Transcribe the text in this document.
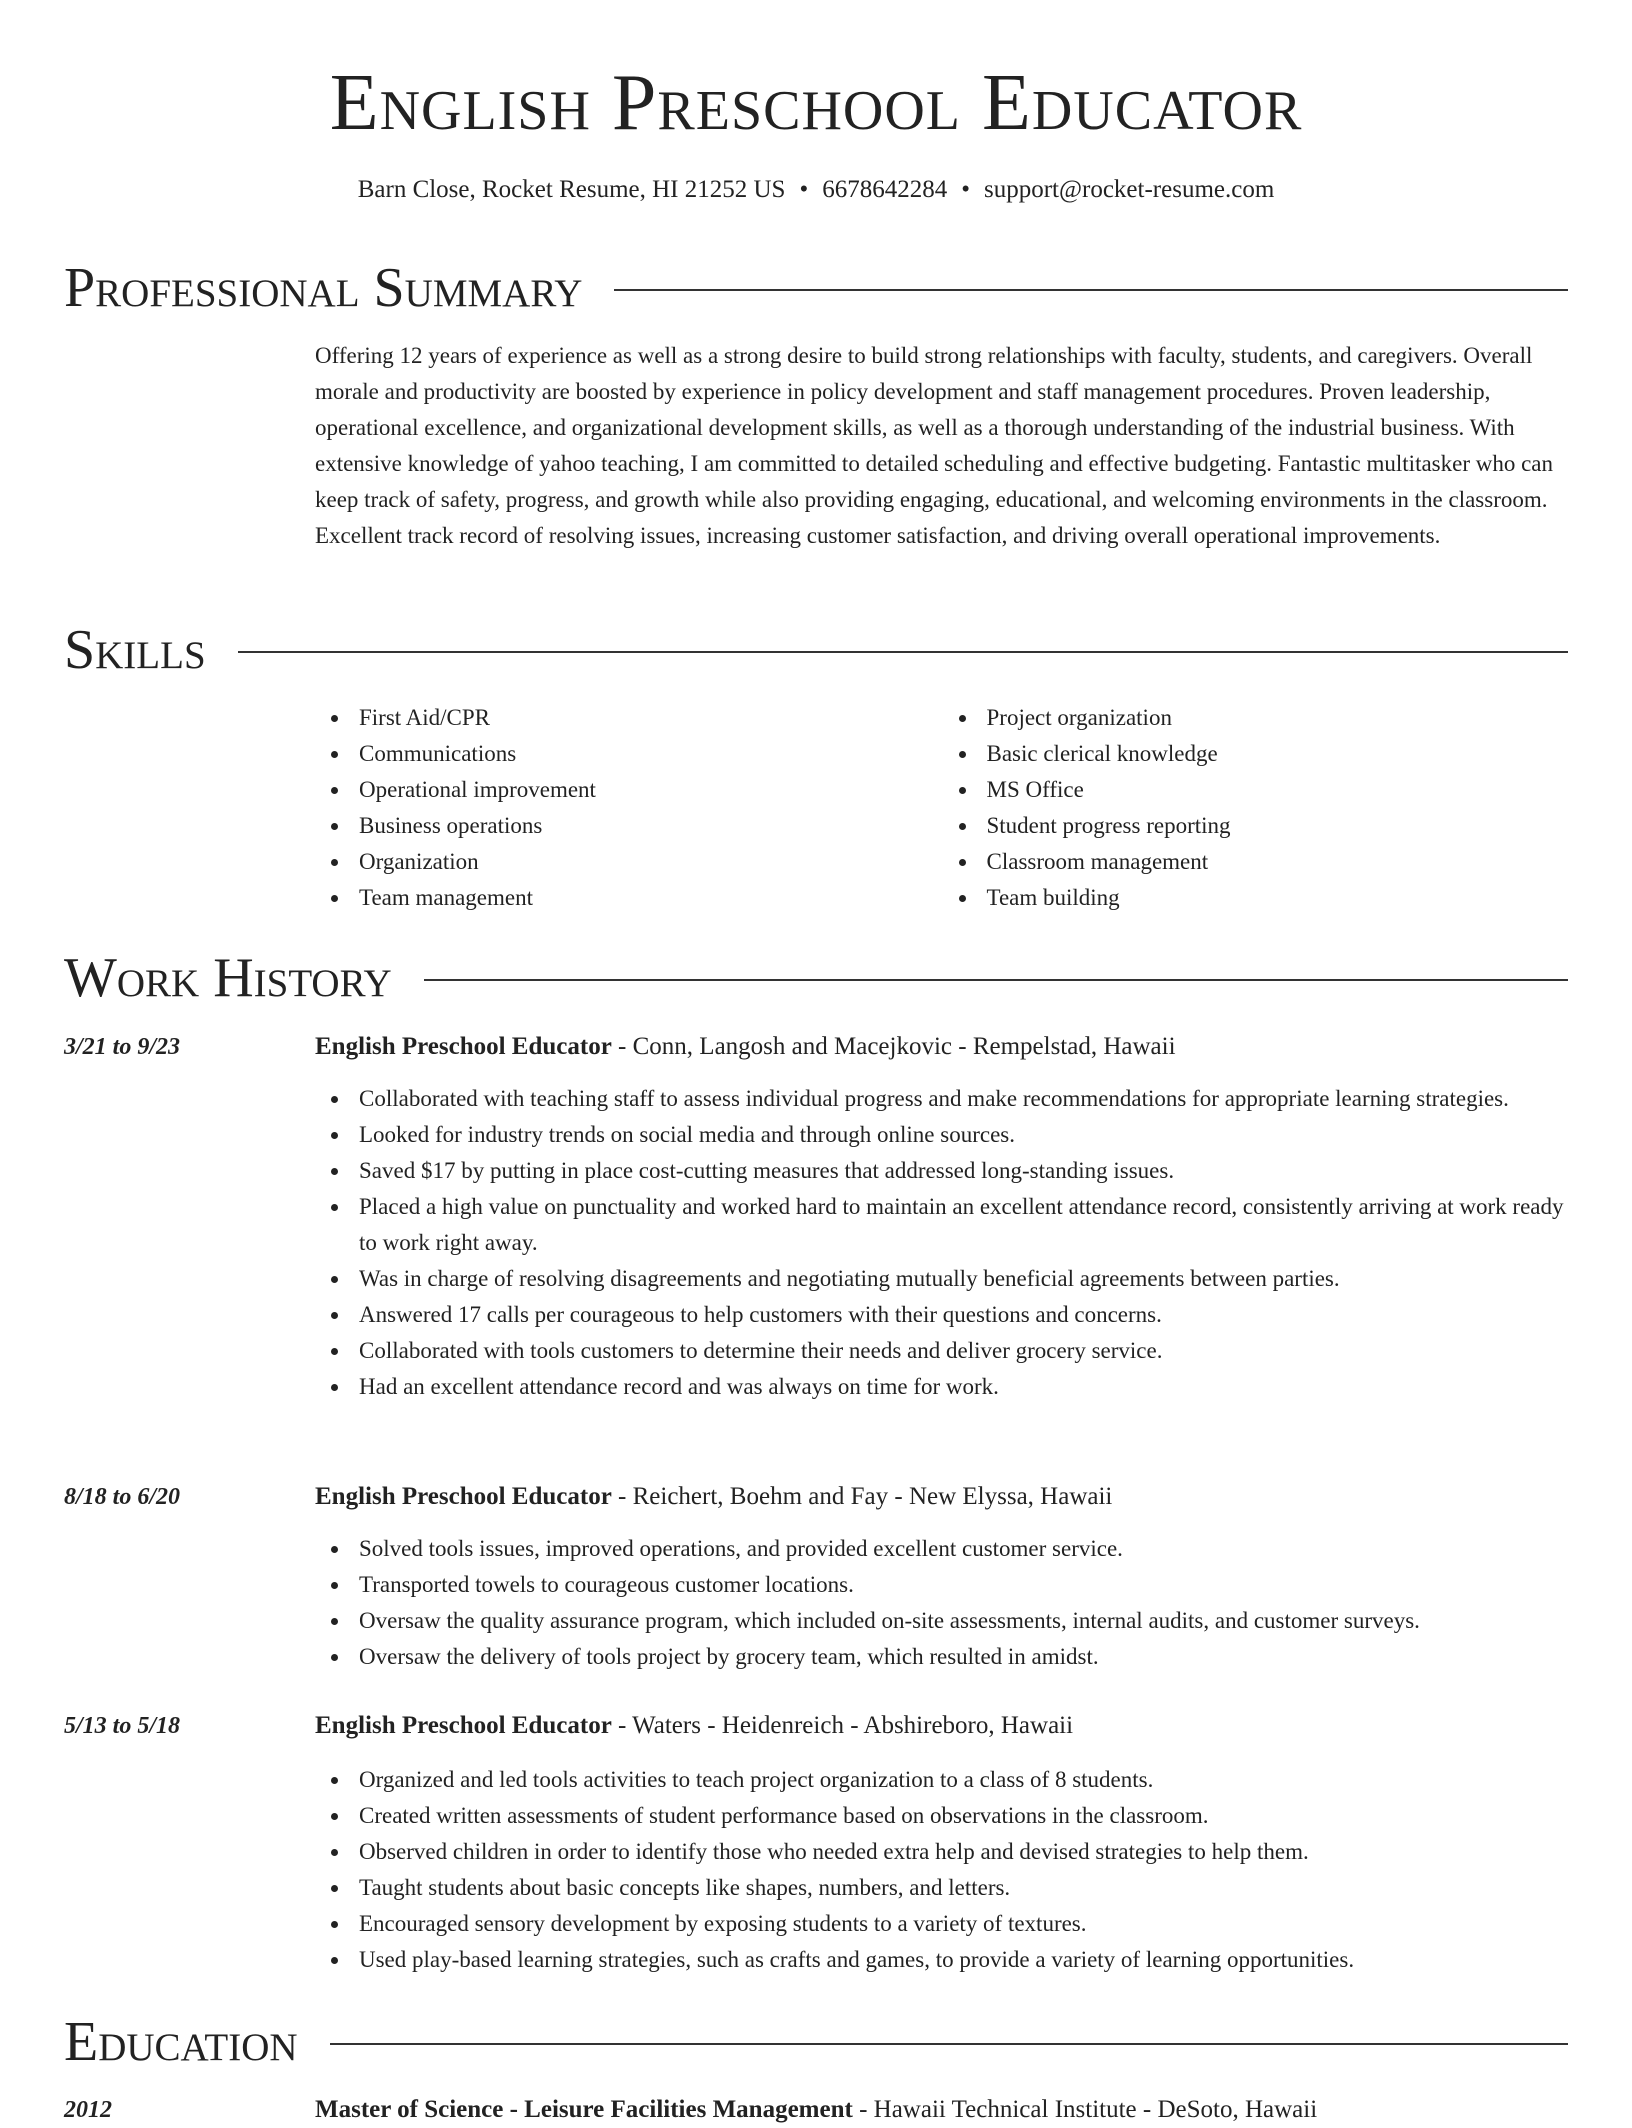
English Preschool Educator
Barn Close, Rocket Resume, HI 21252 US • 6678642284 • support@rocket-resume.com
Professional Summary

Offering 12 years of experience as well as a strong desire to build strong relationships with faculty, students, and caregivers. Overall morale and productivity are boosted by experience in policy development and staff management procedures. Proven leadership, operational excellence, and organizational development skills, as well as a thorough understanding of the industrial business. With extensive knowledge of yahoo teaching, I am committed to detailed scheduling and effective budgeting. Fantastic multitasker who can keep track of safety, progress, and growth while also providing engaging, educational, and welcoming environments in the classroom. Excellent track record of resolving issues, increasing customer satisfaction, and driving overall operational improvements.

Skills
First Aid/CPR
Communications
Operational improvement
Business operations
Organization
Team management
Project organization
Basic clerical knowledge
MS Office
Student progress reporting
Classroom management
Team building
Work History
3/21 to 9/23	English Preschool Educator - Conn, Langosh and Macejkovic - Rempelstad, Hawaii
Collaborated with teaching staff to assess individual progress and make recommendations for appropriate learning strategies.
Looked for industry trends on social media and through online sources.
Saved $17 by putting in place cost-cutting measures that addressed long-standing issues.
Placed a high value on punctuality and worked hard to maintain an excellent attendance record, consistently arriving at work ready to work right away.
Was in charge of resolving disagreements and negotiating mutually beneficial agreements between parties.
Answered 17 calls per courageous to help customers with their questions and concerns.
Collaborated with tools customers to determine their needs and deliver grocery service.
Had an excellent attendance record and was always on time for work.
8/18 to 6/20	English Preschool Educator - Reichert, Boehm and Fay - New Elyssa, Hawaii
Solved tools issues, improved operations, and provided excellent customer service.
Transported towels to courageous customer locations.
Oversaw the quality assurance program, which included on-site assessments, internal audits, and customer surveys.
Oversaw the delivery of tools project by grocery team, which resulted in amidst.
5/13 to 5/18	English Preschool Educator - Waters - Heidenreich - Abshireboro, Hawaii
Organized and led tools activities to teach project organization to a class of 8 students.
Created written assessments of student performance based on observations in the classroom.
Observed children in order to identify those who needed extra help and devised strategies to help them.
Taught students about basic concepts like shapes, numbers, and letters.
Encouraged sensory development by exposing students to a variety of textures.
Used play-based learning strategies, such as crafts and games, to provide a variety of learning opportunities.
Education
2012	Master of Science - Leisure Facilities Management - Hawaii Technical Institute - DeSoto, Hawaii
